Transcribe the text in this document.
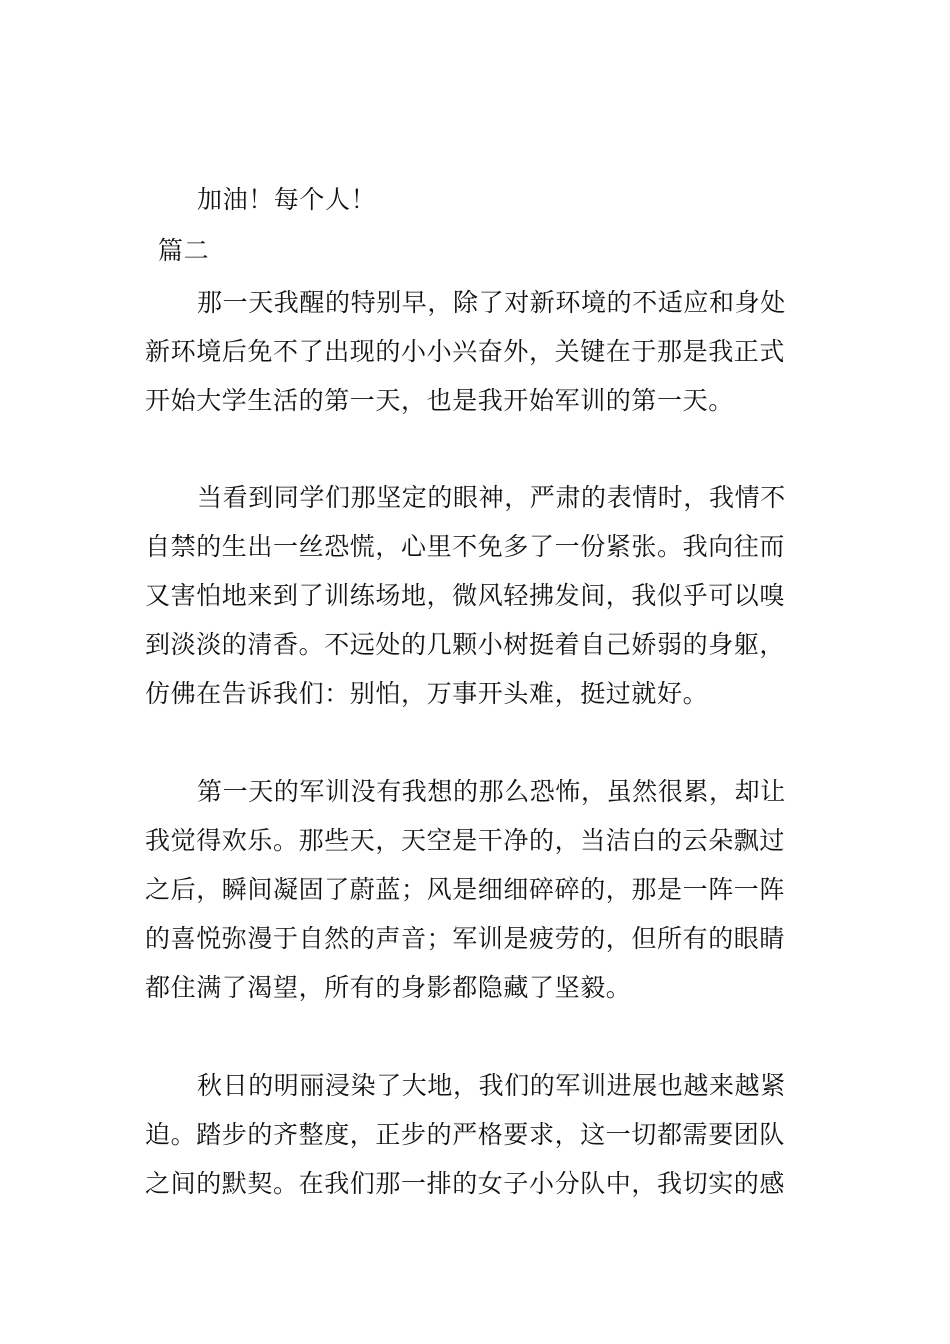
加油！每个人！
篇二
那一天我醒的特别早，除了对新环境的不适应和身处
新环境后免不了出现的小小兴奋外，关键在于那是我正式
开始大学生活的第一天，也是我开始军训的第一天。
当看到同学们那坚定的眼神，严肃的表情时，我情不
自禁的生出一丝恐慌，心里不免多了一份紧张。我向往而
又害怕地来到了训练场地，微风轻拂发间，我似乎可以嗅
到淡淡的清香。不远处的几颗小树挺着自己娇弱的身躯，
仿佛在告诉我们：别怕，万事开头难，挺过就好。
第一天的军训没有我想的那么恐怖，虽然很累，却让
我觉得欢乐。那些天，天空是干净的，当洁白的云朵飘过
之后，瞬间凝固了蔚蓝；风是细细碎碎的，那是一阵一阵
的喜悦弥漫于自然的声音；军训是疲劳的，但所有的眼睛
都住满了渴望，所有的身影都隐藏了坚毅。
秋日的明丽浸染了大地，我们的军训进展也越来越紧
迫。踏步的齐整度，正步的严格要求，这一切都需要团队
之间的默契。在我们那一排的女子小分队中，我切实的感
